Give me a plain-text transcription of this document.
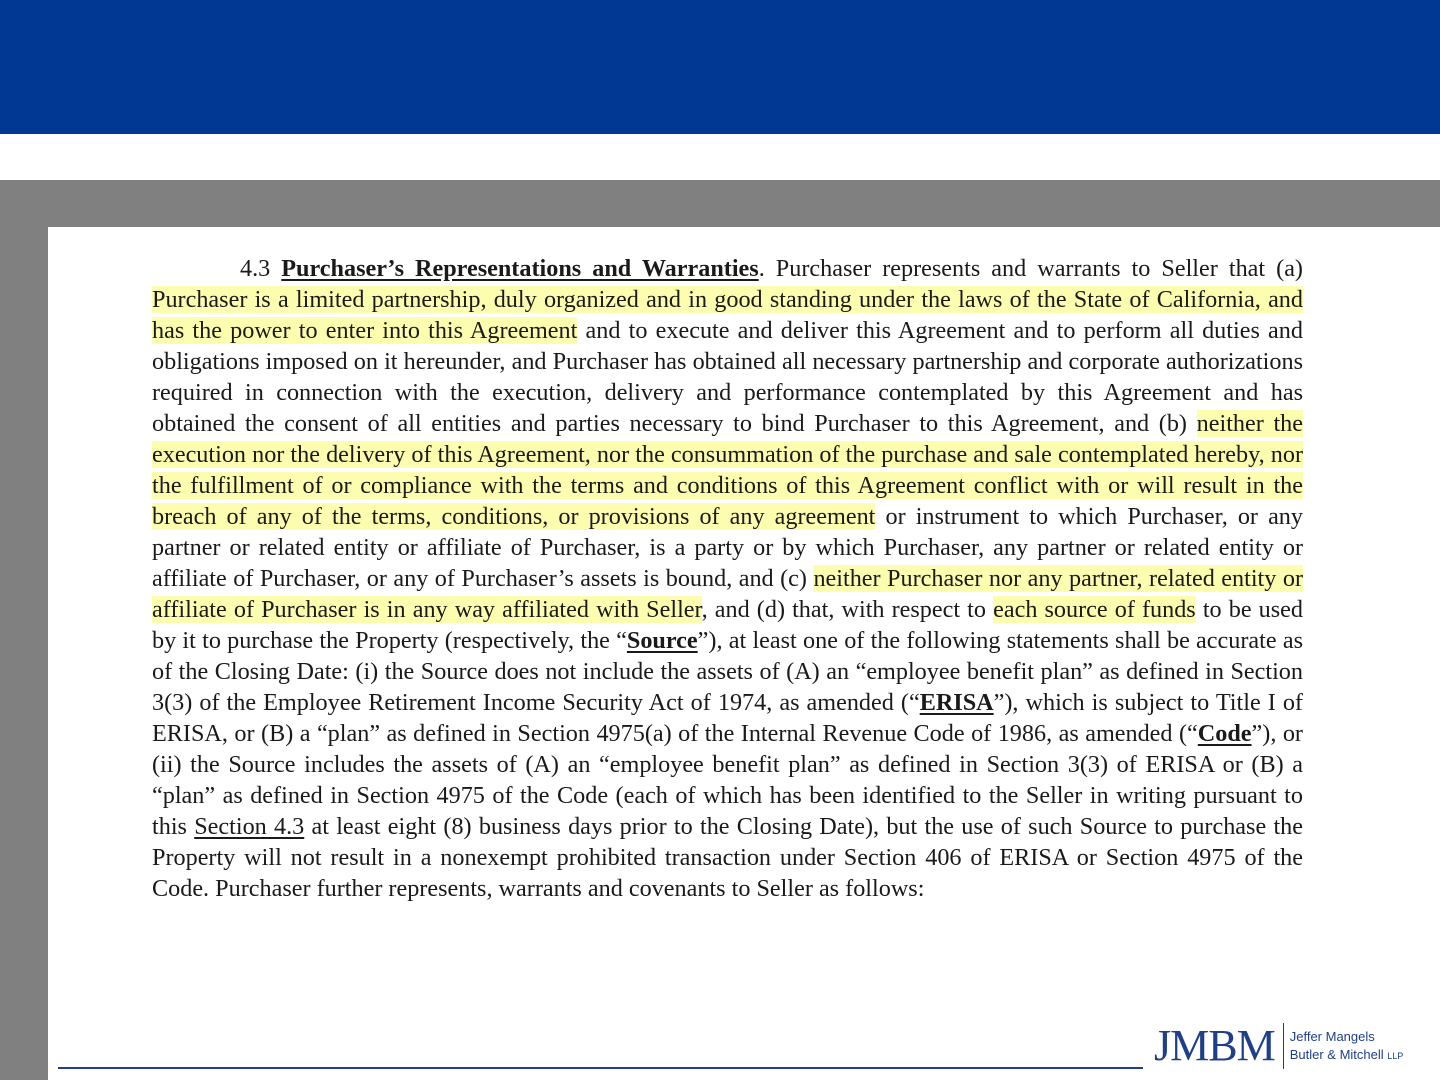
4.3 Purchaser’s Representations and Warranties. Purchaser represents and warrants to Seller that (a) Purchaser is a limited partnership, duly organized and in good standing under the laws of the State of California, and has the power to enter into this Agreement and to execute and deliver this Agreement and to perform all duties and obligations imposed on it hereunder, and Purchaser has obtained all necessary partnership and corporate authorizations required in connection with the execution, delivery and performance contemplated by this Agreement and has obtained the consent of all entities and parties necessary to bind Purchaser to this Agreement, and (b) neither the execution nor the delivery of this Agreement, nor the consummation of the purchase and sale contemplated hereby, nor the fulfillment of or compliance with the terms and conditions of this Agreement conflict with or will result in the breach of any of the terms, conditions, or provisions of any agreement or instrument to which Purchaser, or any partner or related entity or affiliate of Purchaser, is a party or by which Purchaser, any partner or related entity or affiliate of Purchaser, or any of Purchaser’s assets is bound, and (c) neither Purchaser nor any partner, related entity or affiliate of Purchaser is in any way affiliated with Seller, and (d) that, with respect to each source of funds to be used by it to purchase the Property (respectively, the “Source”), at least one of the following statements shall be accurate as of the Closing Date: (i) the Source does not include the assets of (A) an “employee benefit plan” as defined in Section 3(3) of the Employee Retirement Income Security Act of 1974, as amended (“ERISA”), which is subject to Title I of ERISA, or (B) a “plan” as defined in Section 4975(a) of the Internal Revenue Code of 1986, as amended (“Code”), or (ii) the Source includes the assets of (A) an “employee benefit plan” as defined in Section 3(3) of ERISA or (B) a “plan” as defined in Section 4975 of the Code (each of which has been identified to the Seller in writing pursuant to this Section 4.3 at least eight (8) business days prior to the Closing Date), but the use of such Source to purchase the Property will not result in a nonexempt prohibited transaction under Section 406 of ERISA or Section 4975 of the Code. Purchaser further represents, warrants and covenants to Seller as follows:

JMBM Jeffer Mangels
Butler & Mitchell LLP
